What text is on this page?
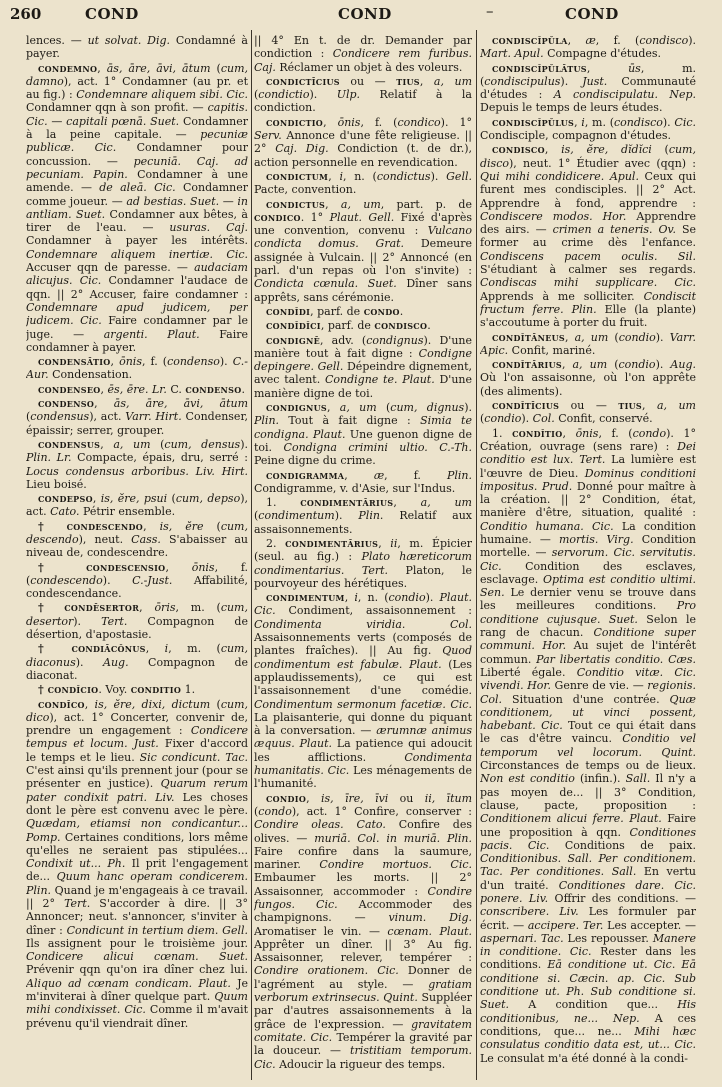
260	COND	COND	–	COND

lences. — ut solvat. Dig. Condamné à payer.

condemno, ās, āre, āvi, ātum (cum, damno), act. 1° Condamner (au pr. et au fig.) : Condemnare aliquem sibi. Cic. Condamner qqn à son profit. — capitis. Cic. — capitali pœnā. Suet. Condamner à la peine capitale. — pecuniæ publicæ. Cic. Condamner pour concussion. — pecuniā. Caj. ad pecuniam. Papin. Condamner à une amende. — de aleā. Cic. Condamner comme joueur. — ad bestias. Suet. — in antliam. Suet. Condamner aux bêtes, à tirer de l'eau. — usuras. Caj. Condamner à payer les intérêts. Condemnare aliquem inertiæ. Cic. Accuser qqn de paresse. — audaciam alicujus. Cic. Condamner l'audace de qqn. || 2° Accuser, faire condamner : Condemnare apud judicem, per judicem. Cic. Faire condamner par le juge. — argenti. Plaut. Faire condamner à payer.

condensātio, ōnis, f. (condenso). C.-Aur. Condensation.

condenseo, ēs, ēre. Lr. C. condenso.

condenso, ās, āre, āvi, ātum (condensus), act. Varr. Hirt. Condenser, épaissir; serrer, grouper.

condensus, a, um (cum, densus). Plin. Lr. Compacte, épais, dru, serré : Locus condensus arboribus. Liv. Hirt. Lieu boisé.

condepso, is, ĕre, psui (cum, depso), act. Cato. Pétrir ensemble.

† condescendo, is, ĕre (cum, descendo), neut. Cass. S'abaisser au niveau de, condescendre.

† condescensio, ōnis, f. (condescendo). C.-Just. Affabilité, condescendance.

† condēsertor, ōris, m. (cum, desertor). Tert. Compagnon de désertion, d'apostasie.

† condiācŏnus, i, m. (cum, diaconus). Aug. Compagnon de diaconat.

† condĭcio. Voy. conditio 1.

condīco, is, ĕre, dixi, dictum (cum, dico), act. 1° Concerter, convenir de, prendre un engagement : Condicere tempus et locum. Just. Fixer d'accord le temps et le lieu. Sic condicunt. Tac. C'est ainsi qu'ils prennent jour (pour se présenter en justice). Quarum rerum pater condixit patri. Liv. Les choses dont le père est convenu avec le père. Quædam, etiamsi non condicantur... Pomp. Certaines conditions, lors même qu'elles ne seraient pas stipulées... Condixit ut... Ph. Il prit l'engagement de... Quum hanc operam condicerem. Plin. Quand je m'engageais à ce travail. || 2° Tert. S'accorder à dire. || 3° Annoncer; neut. s'annoncer, s'inviter à dîner : Condicunt in tertium diem. Gell. Ils assignent pour le troisième jour. Condicere alicui cœnam. Suet. Prévenir qqn qu'on ira dîner chez lui. Aliquo ad cœnam condicam. Plaut. Je m'inviterai à dîner quelque part. Quum mihi condixisset. Cic. Comme il m'avait prévenu qu'il viendrait dîner.

|| 4° En t. de dr. Demander par condiction : Condicere rem furibus. Caj. Réclamer un objet à des voleurs.

condictīcius ou — tius, a, um (condictio). Ulp. Relatif à la condiction.

condictio, ōnis, f. (condico). 1° Serv. Annonce d'une fête religieuse. || 2° Caj. Dig. Condiction (t. de dr.), action personnelle en revendication.

condictum, i, n. (condictus). Gell. Pacte, convention.

condictus, a, um, part. p. de condico. 1° Plaut. Gell. Fixé d'après une convention, convenu : Vulcano condicta domus. Grat. Demeure assignée à Vulcain. || 2° Annoncé (en parl. d'un repas où l'on s'invite) : Condicta cœnula. Suet. Dîner sans apprêts, sans cérémonie.

condĭdi, parf. de condo.

condĭdĭci, parf. de condisco.

condignē, adv. (condignus). D'une manière tout à fait digne : Condigne depingere. Gell. Dépeindre dignement, avec talent. Condigne te. Plaut. D'une manière digne de toi.

condignus, a, um (cum, dignus). Plin. Tout à fait digne : Simia te condigna. Plaut. Une guenon digne de toi. Condigna crimini ultio. C.-Th. Peine digne du crime.

condigramma, æ, f. Plin. Condigramme, v. d'Asie, sur l'Indus.

1. condimentārius, a, um (condimentum). Plin. Relatif aux assaisonnements.

2. condimentārius, ii, m. Épicier (seul. au fig.) : Plato hæreticorum condimentarius. Tert. Platon, le pourvoyeur des hérétiques.

condimentum, i, n. (condio). Plaut. Cic. Condiment, assaisonnement : Condimenta viridia. Col. Assaisonnements verts (composés de plantes fraîches). || Au fig. Quod condimentum est fabulæ. Plaut. (Les applaudissements), ce qui est l'assaisonnement d'une comédie. Condimentum sermonum facetiæ. Cic. La plaisanterie, qui donne du piquant à la conversation. — ærumnæ animus æquus. Plaut. La patience qui adoucit les afflictions. Condimenta humanitatis. Cic. Les ménagements de l'humanité.

condio, is, īre, īvi ou ii, ītum (condo), act. 1° Confire, conserver : Condire oleas. Cato. Confire des olives. — muriā. Col. in muriā. Plin. Faire confire dans la saumure, mariner. Condire mortuos. Cic. Embaumer les morts. || 2° Assaisonner, accommoder : Condire fungos. Cic. Accommoder des champignons. — vinum. Dig. Aromatiser le vin. — cœnam. Plaut. Apprêter un dîner. || 3° Au fig. Assaisonner, relever, tempérer : Condire orationem. Cic. Donner de l'agrément au style. — gratiam verborum extrinsecus. Quint. Suppléer par d'autres assaisonnements à la grâce de l'expression. — gravitatem comitate. Cic. Tempérer la gravité par la douceur. — tristitiam temporum. Cic. Adoucir la rigueur des temps.

condiscĭpŭla, æ, f. (condisco). Mart. Apul. Compagne d'études.

condiscĭpŭlātus, ūs, m. (condiscipulus). Just. Communauté d'études : A condiscipulatu. Nep. Depuis le temps de leurs études.

condiscĭpŭlus, i, m. (condisco). Cic. Condisciple, compagnon d'études.

condisco, is, ĕre, dĭdĭci (cum, disco), neut. 1° Étudier avec (qqn) : Qui mihi condidicere. Apul. Ceux qui furent mes condisciples. || 2° Act. Apprendre à fond, apprendre : Condiscere modos. Hor. Apprendre des airs. — crimen a teneris. Ov. Se former au crime dès l'enfance. Condiscens pacem oculis. Sil. S'étudiant à calmer ses regards. Condiscas mihi supplicare. Cic. Apprends à me solliciter. Condiscit fructum ferre. Plin. Elle (la plante) s'accoutume à porter du fruit.

condĭtāneus, a, um (condio). Varr. Apic. Confit, mariné.

condĭtārius, a, um (condio). Aug. Où l'on assaisonne, où l'on apprête (des aliments).

condĭtīcius ou — tius, a, um (condio). Col. Confit, conservé.

1. condĭtio, ōnis, f. (condo). 1° Création, ouvrage (sens rare) : Dei conditio est lux. Tert. La lumière est l'œuvre de Dieu. Dominus conditioni impositus. Prud. Donné pour maître à la création. || 2° Condition, état, manière d'être, situation, qualité : Conditio humana. Cic. La condition humaine. — mortis. Virg. Condition mortelle. — servorum. Cic. servitutis. Cic. Condition des esclaves, esclavage. Optima est conditio ultimi. Sen. Le dernier venu se trouve dans les meilleures conditions. Pro conditione cujusque. Suet. Selon le rang de chacun. Conditione super communi. Hor. Au sujet de l'intérêt commun. Par libertatis conditio. Cæs. Liberté égale. Conditio vitæ. Cic. vivendi. Hor. Genre de vie. — regionis. Col. Situation d'une contrée. Quæ conditionem, ut vinci possent, habebant. Cic. Tout ce qui était dans le cas d'être vaincu. Conditio vel temporum vel locorum. Quint. Circonstances de temps ou de lieux. Non est conditio (infin.). Sall. Il n'y a pas moyen de... || 3° Condition, clause, pacte, proposition : Conditionem alicui ferre. Plaut. Faire une proposition à qqn. Conditiones pacis. Cic. Conditions de paix. Conditionibus. Sall. Per conditionem. Tac. Per conditiones. Sall. En vertu d'un traité. Conditiones dare. Cic. ponere. Liv. Offrir des conditions. — conscribere. Liv. Les formuler par écrit. — accipere. Ter. Les accepter. — aspernari. Tac. Les repousser. Manere in conditione. Cic. Rester dans les conditions. Eā conditione ut. Cic. Eā conditione si. Cæcin. ap. Cic. Sub conditione ut. Ph. Sub conditione si. Suet. A condition que... His conditionibus, ne... Nep. A ces conditions, que... ne... Mihi hæc consulatus conditio data est, ut... Cic. Le consulat m'a été donné à la condi-
